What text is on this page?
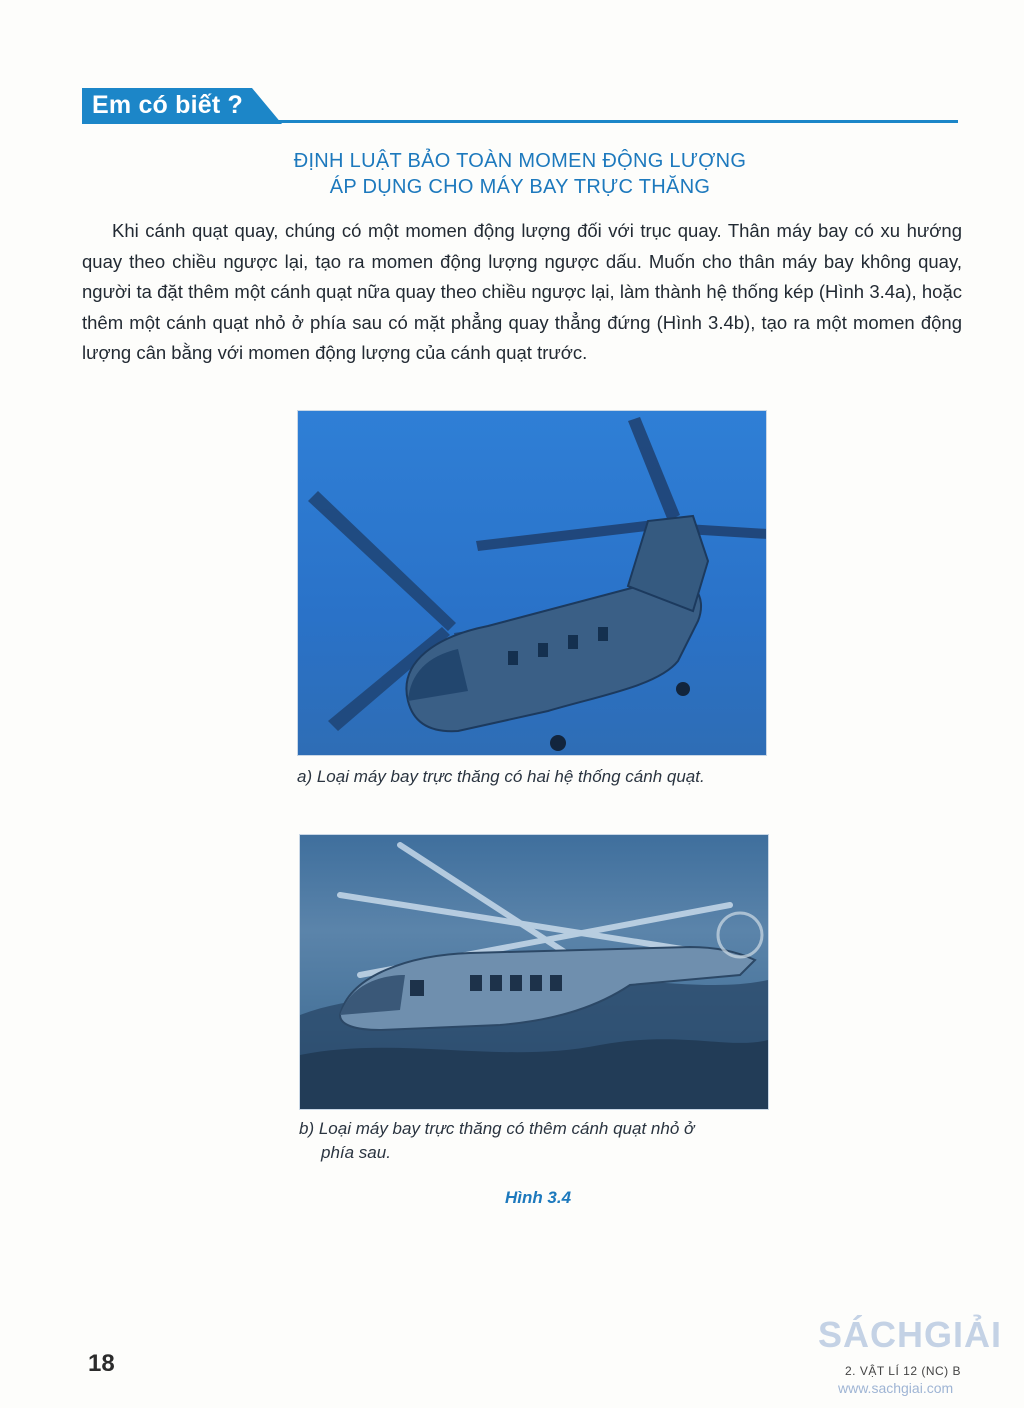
Em có biết ?
ĐỊNH LUẬT BẢO TOÀN MOMEN ĐỘNG LƯỢNG
ÁP DỤNG CHO MÁY BAY TRỰC THĂNG

Khi cánh quạt quay, chúng có một momen động lượng đối với trục quay. Thân máy bay có xu hướng quay theo chiều ngược lại, tạo ra momen động lượng ngược dấu. Muốn cho thân máy bay không quay, người ta đặt thêm một cánh quạt nữa quay theo chiều ngược lại, làm thành hệ thống kép (Hình 3.4a), hoặc thêm một cánh quạt nhỏ ở phía sau có mặt phẳng quay thẳng đứng (Hình 3.4b), tạo ra một momen động lượng cân bằng với momen động lượng của cánh quạt trước.

a) Loại máy bay trực thăng có hai hệ thống cánh quạt.
b) Loại máy bay trực thăng có thêm cánh quạt nhỏ ở
phía sau.
Hình 3.4
18
SÁCHGIẢI
2. VẬT LÍ 12 (NC) B
www.sachgiai.com
